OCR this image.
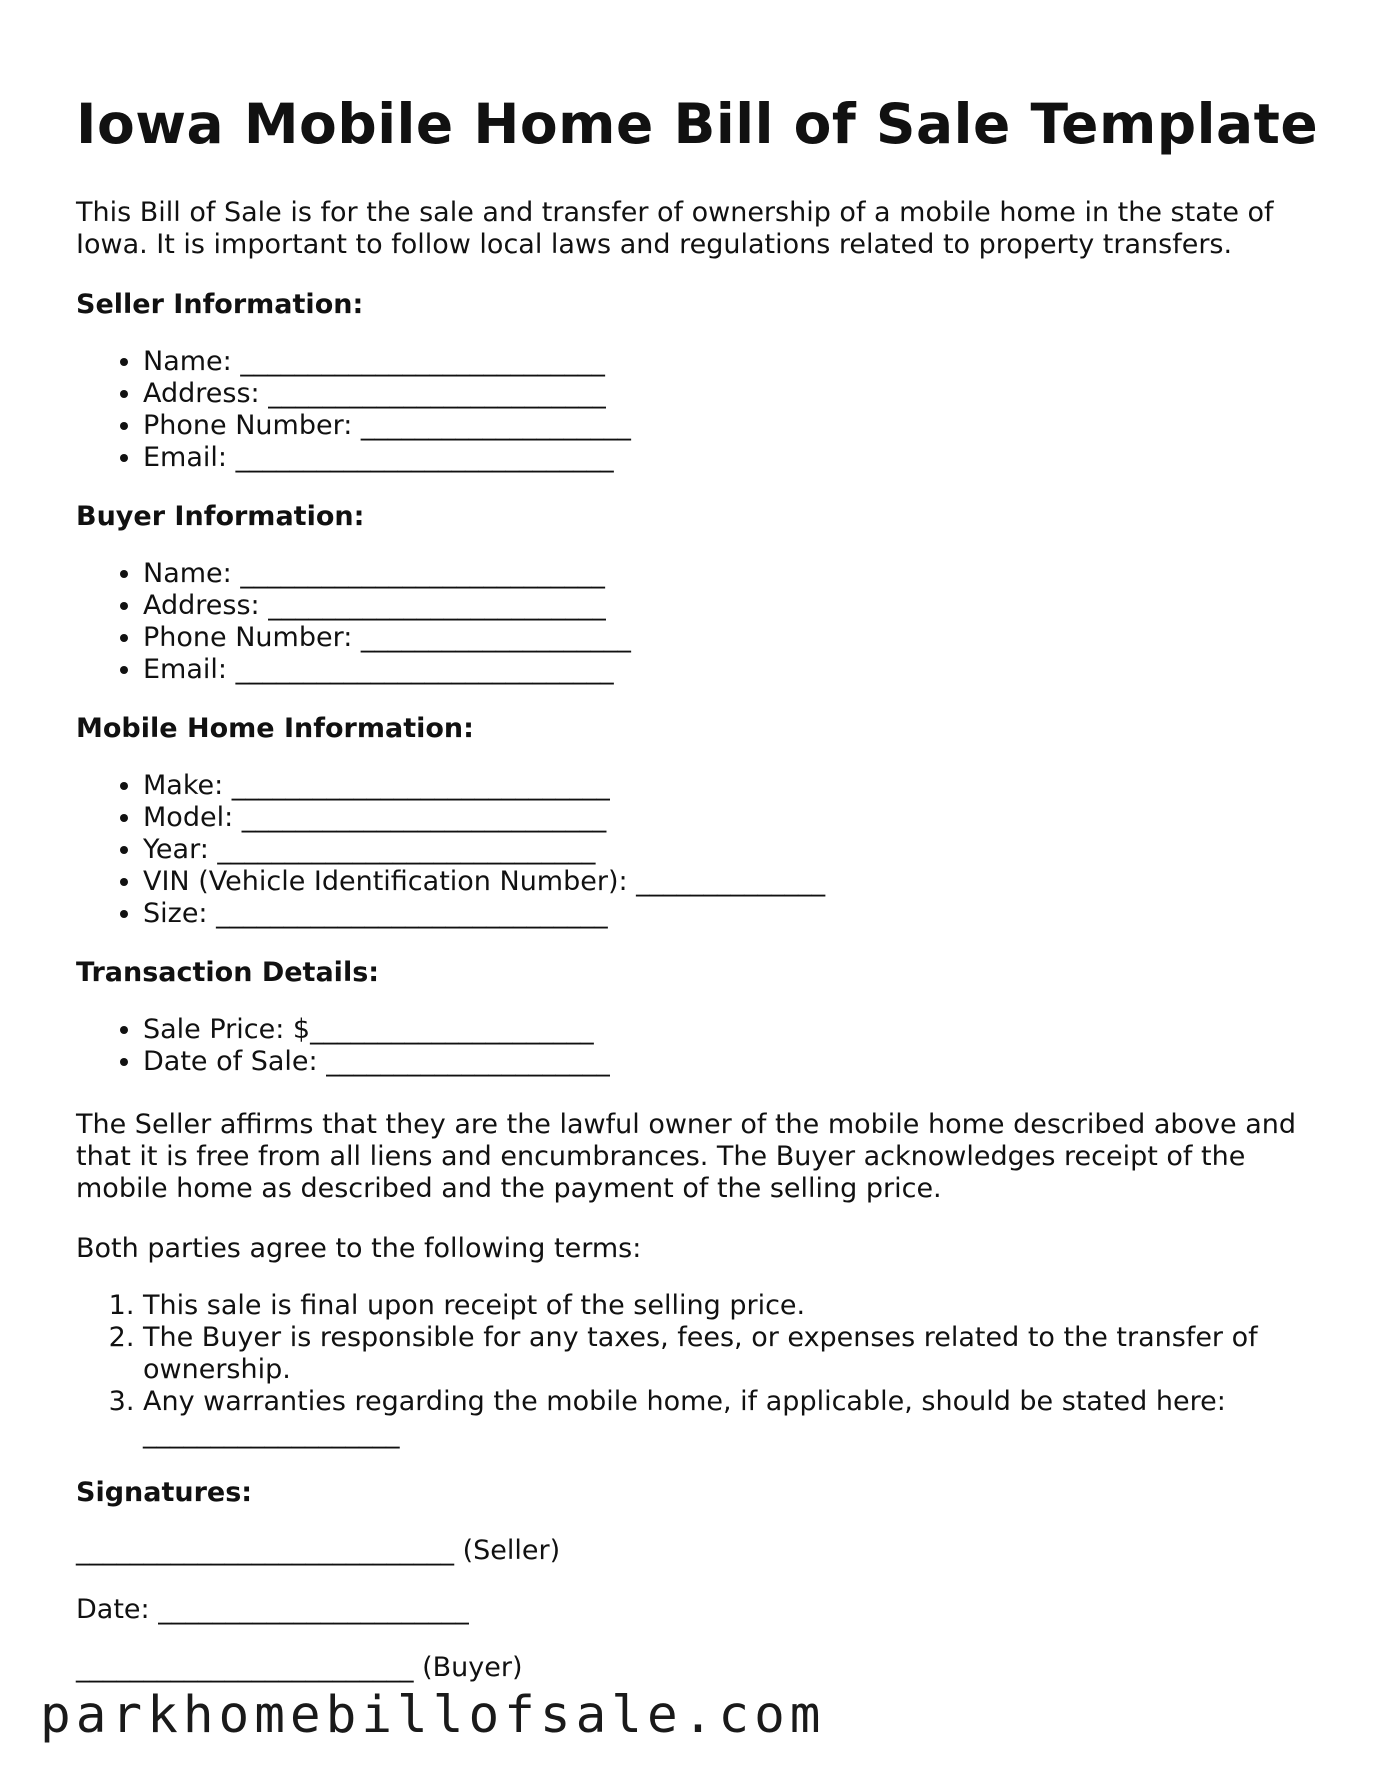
Iowa Mobile Home Bill of Sale Template

This Bill of Sale is for the sale and transfer of ownership of a mobile home in the state of Iowa. It is important to follow local laws and regulations related to property transfers.

Seller Information:

• Name: ___________________________
• Address: _________________________
• Phone Number: ____________________
• Email: ____________________________

Buyer Information:

• Name: ___________________________
• Address: _________________________
• Phone Number: ____________________
• Email: ____________________________

Mobile Home Information:

• Make: ____________________________
• Model: ___________________________
• Year: ____________________________
• VIN (Vehicle Identification Number): ______________
• Size: _____________________________

Transaction Details:

• Sale Price: $_____________________
• Date of Sale: _____________________

The Seller affirms that they are the lawful owner of the mobile home described above and that it is free from all liens and encumbrances. The Buyer acknowledges receipt of the mobile home as described and the payment of the selling price.

Both parties agree to the following terms:

1. This sale is final upon receipt of the selling price.
2. The Buyer is responsible for any taxes, fees, or expenses related to the transfer of ownership.
3. Any warranties regarding the mobile home, if applicable, should be stated here: ___________________

Signatures:

____________________________ (Seller)

Date: _______________________

_________________________ (Buyer)

parkhomebillofsale.com
